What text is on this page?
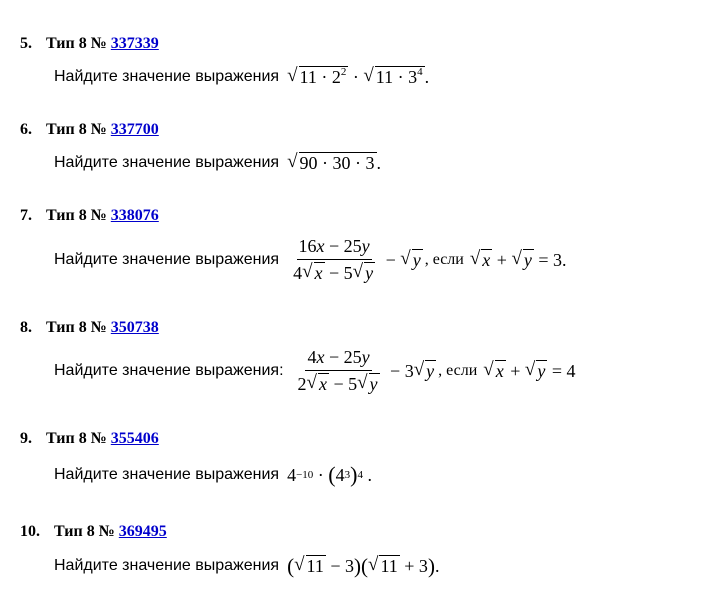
5. Тип 8 № 337339
Найдите значение выражения √ $11 \cdot 2^2$ · √ $11 \cdot 3^4$ .
6. Тип 8 № 337700
Найдите значение выражения √ 90 · 30 · 3 .
7. Тип 8 № 338076
Найдите значение выражения $\frac{16x - 25y}{4 √ x - 5 √ y}$ − √ y , если √ x + √ y = 3.
8. Тип 8 № 350738
Найдите значение выражения: $\frac{4x - 25y}{2 √ x - 5 √ y} - 3$ √ y , если √ x + √ y = 4
9. Тип 8 № 355406
Найдите значение выражения 4 −10 · ( 4 3 ) 4 .
10. Тип 8 № 369495
Найдите значение выражения ( √ 11 − 3 ) ( √ 11 + 3 ) .
